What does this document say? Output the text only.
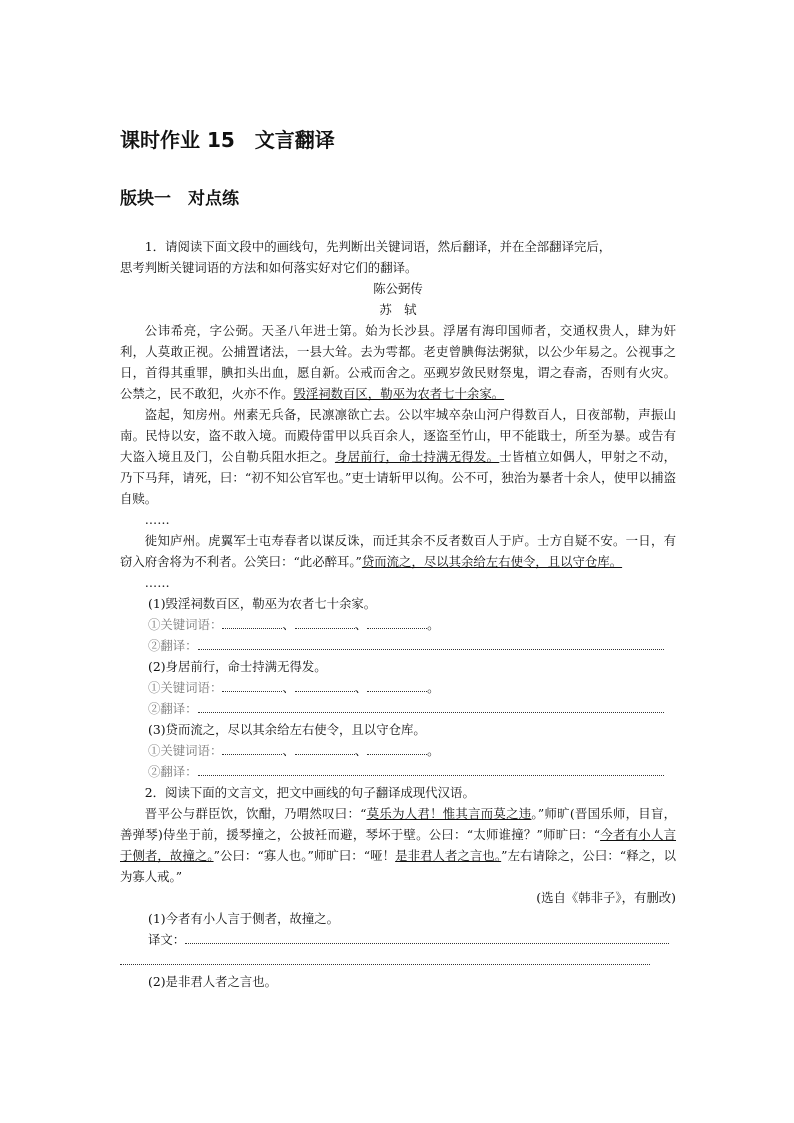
课时作业 15　文言翻译
版块一　对点练

1．请阅读下面文段中的画线句，先判断出关键词语，然后翻译，并在全部翻译完后，

思考判断关键词语的方法和如何落实好对它们的翻译。

陈公弼传

苏　轼

公讳希亮，字公弼。天圣八年进士第。始为长沙县。浮屠有海印国师者，交通权贵人，肆为奸利，人莫敢正视。公捕置诸法，一县大耸。去为雩都。老吏曾腆侮法粥狱，以公少年易之。公视事之日，首得其重罪，腆扣头出血，愿自新。公戒而舍之。巫觋岁敛民财祭鬼，谓之春斋，否则有火灾。公禁之，民不敢犯，火亦不作。毁淫祠数百区，勒巫为农者七十余家。

盗起，知房州。州素无兵备，民凛凛欲亡去。公以牢城卒杂山河户得数百人，日夜部勒，声振山南。民恃以安，盗不敢入境。而殿侍雷甲以兵百余人，逐盗至竹山，甲不能戢士，所至为暴。或告有大盗入境且及门，公自勒兵阻水拒之。身居前行，命士持满无得发。士皆植立如偶人，甲射之不动，乃下马拜，请死，曰：“初不知公官军也。”吏士请斩甲以徇。公不可，独治为暴者十余人，使甲以捕盗自赎。

……

徙知庐州。虎翼军士屯寿春者以谋反诛，而迁其余不反者数百人于庐。士方自疑不安。一日，有窃入府舍将为不利者。公笑曰：“此必醉耳。”贷而流之，尽以其余给左右使令，且以守仓库。

……

(1)毁淫祠数百区，勒巫为农者七十余家。

①关键词语：	、	、	。

②翻译：

(2)身居前行，命士持满无得发。

①关键词语：	、	、	。

②翻译：

(3)贷而流之，尽以其余给左右使令，且以守仓库。

①关键词语：	、	、	。

②翻译：

2．阅读下面的文言文，把文中画线的句子翻译成现代汉语。

晋平公与群臣饮，饮酣，乃喟然叹曰：“莫乐为人君！惟其言而莫之违。”师旷(晋国乐师，目盲，善弹琴)侍坐于前，援琴撞之，公披衽而避，琴坏于壁。公曰：“太师谁撞？”师旷曰：“今者有小人言于侧者，故撞之。”公曰：“寡人也。”师旷曰：“哑！是非君人者之言也。”左右请除之，公曰：“释之，以为寡人戒。”

(选自《韩非子》，有删改)

(1)今者有小人言于侧者，故撞之。

译文：

(2)是非君人者之言也。
